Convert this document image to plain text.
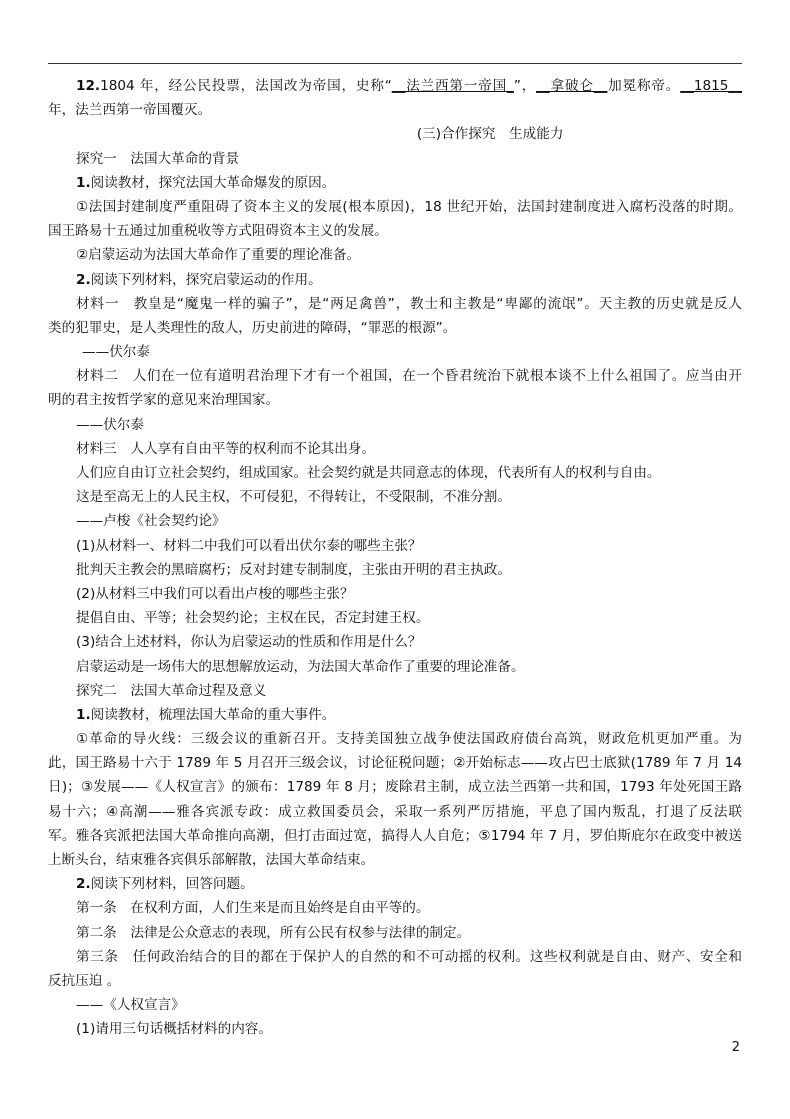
12.1804 年，经公民投票，法国改为帝国，史称“__法兰西第一帝国_”，__拿破仑__加冕称帝。__1815__
年，法兰西第一帝国覆灭。
　　　　　　　　　　　　　　(三)合作探究　生成能力
探究一　法国大革命的背景
1.阅读教材，探究法国大革命爆发的原因。
①法国封建制度严重阻碍了资本主义的发展(根本原因)，18 世纪开始，法国封建制度进入腐朽没落的时期。
国王路易十五通过加重税收等方式阻碍资本主义的发展。
②启蒙运动为法国大革命作了重要的理论准备。
2.阅读下列材料，探究启蒙运动的作用。
材料一　教皇是“魔鬼一样的骗子”，是“两足禽兽”，教士和主教是“卑鄙的流氓”。天主教的历史就是反人
类的犯罪史，是人类理性的敌人，历史前进的障碍，“罪恶的根源”。
——伏尔泰
材料二　人们在一位有道明君治理下才有一个祖国，在一个昏君统治下就根本谈不上什么祖国了。应当由开
明的君主按哲学家的意见来治理国家。
——伏尔泰
材料三　人人享有自由平等的权利而不论其出身。
人们应自由订立社会契约，组成国家。社会契约就是共同意志的体现，代表所有人的权利与自由。
这是至高无上的人民主权，不可侵犯，不得转让，不受限制，不准分割。
——卢梭《社会契约论》
(1)从材料一、材料二中我们可以看出伏尔泰的哪些主张？
批判天主教会的黑暗腐朽；反对封建专制制度，主张由开明的君主执政。
(2)从材料三中我们可以看出卢梭的哪些主张？
提倡自由、平等；社会契约论；主权在民，否定封建王权。
(3)结合上述材料，你认为启蒙运动的性质和作用是什么？
启蒙运动是一场伟大的思想解放运动，为法国大革命作了重要的理论准备。
探究二　法国大革命过程及意义
1.阅读教材，梳理法国大革命的重大事件。
①革命的导火线：三级会议的重新召开。支持美国独立战争使法国政府债台高筑，财政危机更加严重。为
此，国王路易十六于 1789 年 5 月召开三级会议，讨论征税问题；②开始标志——攻占巴士底狱(1789 年 7 月 14
日)；③发展——《人权宣言》的颁布：1789 年 8 月；废除君主制，成立法兰西第一共和国，1793 年处死国王路
易十六；④高潮——雅各宾派专政：成立救国委员会，采取一系列严厉措施，平息了国内叛乱，打退了反法联
军。雅各宾派把法国大革命推向高潮，但打击面过宽，搞得人人自危；⑤1794 年 7 月，罗伯斯庇尔在政变中被送
上断头台，结束雅各宾俱乐部解散，法国大革命结束。
2.阅读下列材料，回答问题。
第一条　在权利方面，人们生来是而且始终是自由平等的。
第二条　法律是公众意志的表现，所有公民有权参与法律的制定。
第三条　任何政治结合的目的都在于保护人的自然的和不可动摇的权利。这些权利就是自由、财产、安全和
反抗压迫 。
——《人权宣言》
(1)请用三句话概括材料的内容。
2
